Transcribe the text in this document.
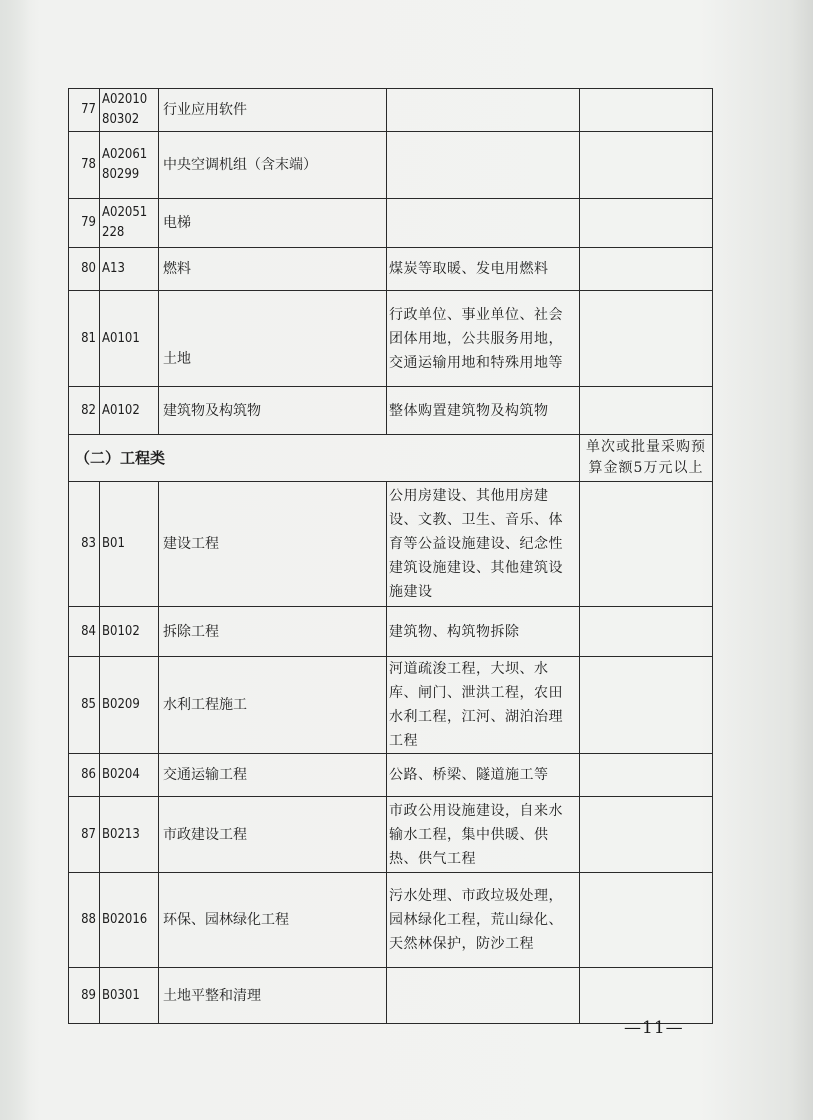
77	A0201080302	行业应用软件		
78	A0206180299	中央空调机组（含末端）		
79	A02051228	电梯		
80	A13	燃料	煤炭等取暖、发电用燃料	
81	A0101	土地	行政单位、事业单位、社会团体用地，公共服务用地，交通运输用地和特殊用地等	
82	A0102	建筑物及构筑物	整体购置建筑物及构筑物	
（二）工程类				单次或批量采购预算金额5万元以上
83	B01	建设工程	公用房建设、其他用房建设、文教、卫生、音乐、体育等公益设施建设、纪念性建筑设施建设、其他建筑设施建设	
84	B0102	拆除工程	建筑物、构筑物拆除	
85	B0209	水利工程施工	河道疏浚工程，大坝、水库、闸门、泄洪工程，农田水利工程，江河、湖泊治理工程	
86	B0204	交通运输工程	公路、桥梁、隧道施工等	
87	B0213	市政建设工程	市政公用设施建设，自来水输水工程，集中供暖、供热、供气工程	
88	B02016	环保、园林绿化工程	污水处理、市政垃圾处理，园林绿化工程，荒山绿化、天然林保护，防沙工程	
89	B0301	土地平整和清理		
—11—
